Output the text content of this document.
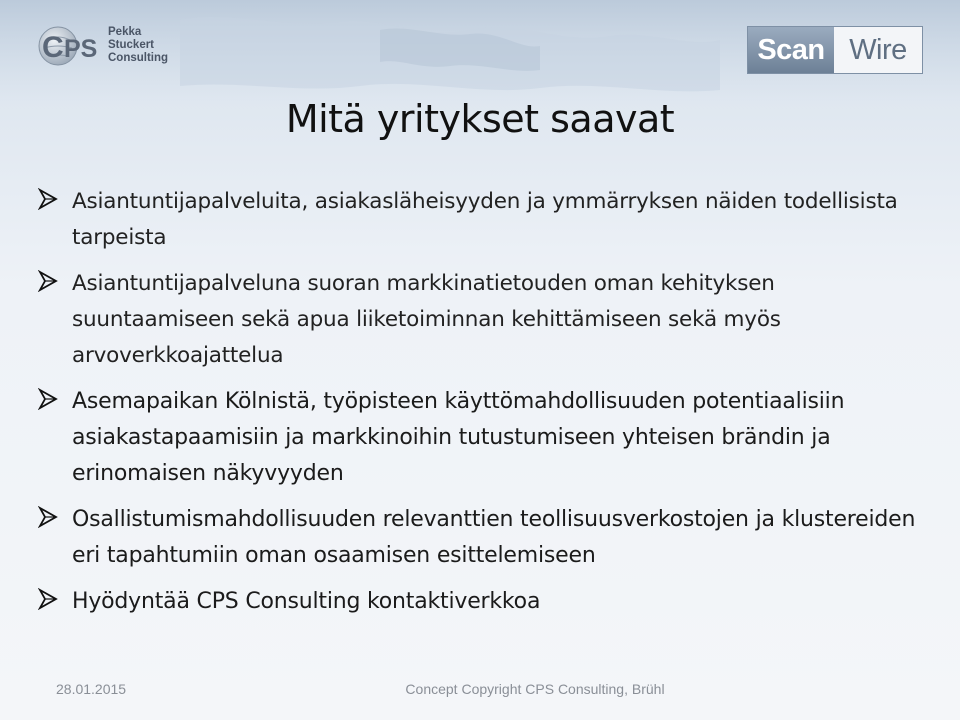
C PS
Pekka
Stuckert
Consulting	Scan Wire
Mitä yritykset saavat
Asiantuntijapalveluita, asiakasläheisyyden ja ymmärryksen näiden todellisista tarpeista
Asiantuntijapalveluna suoran markkinatietouden oman kehityksen suuntaamiseen sekä apua liiketoiminnan kehittämiseen sekä myös arvoverkkoajattelua
Asemapaikan Kölnistä, työpisteen käyttömahdollisuuden potentiaalisiin asiakastapaamisiin ja markkinoihin tutustumiseen yhteisen brändin ja erinomaisen näkyvyyden
Osallistumismahdollisuuden relevanttien teollisuusverkostojen ja klustereiden eri tapahtumiin oman osaamisen esittelemiseen
Hyödyntää CPS Consulting kontaktiverkkoa
28.01.2015	Concept Copyright CPS Consulting, Brühl
